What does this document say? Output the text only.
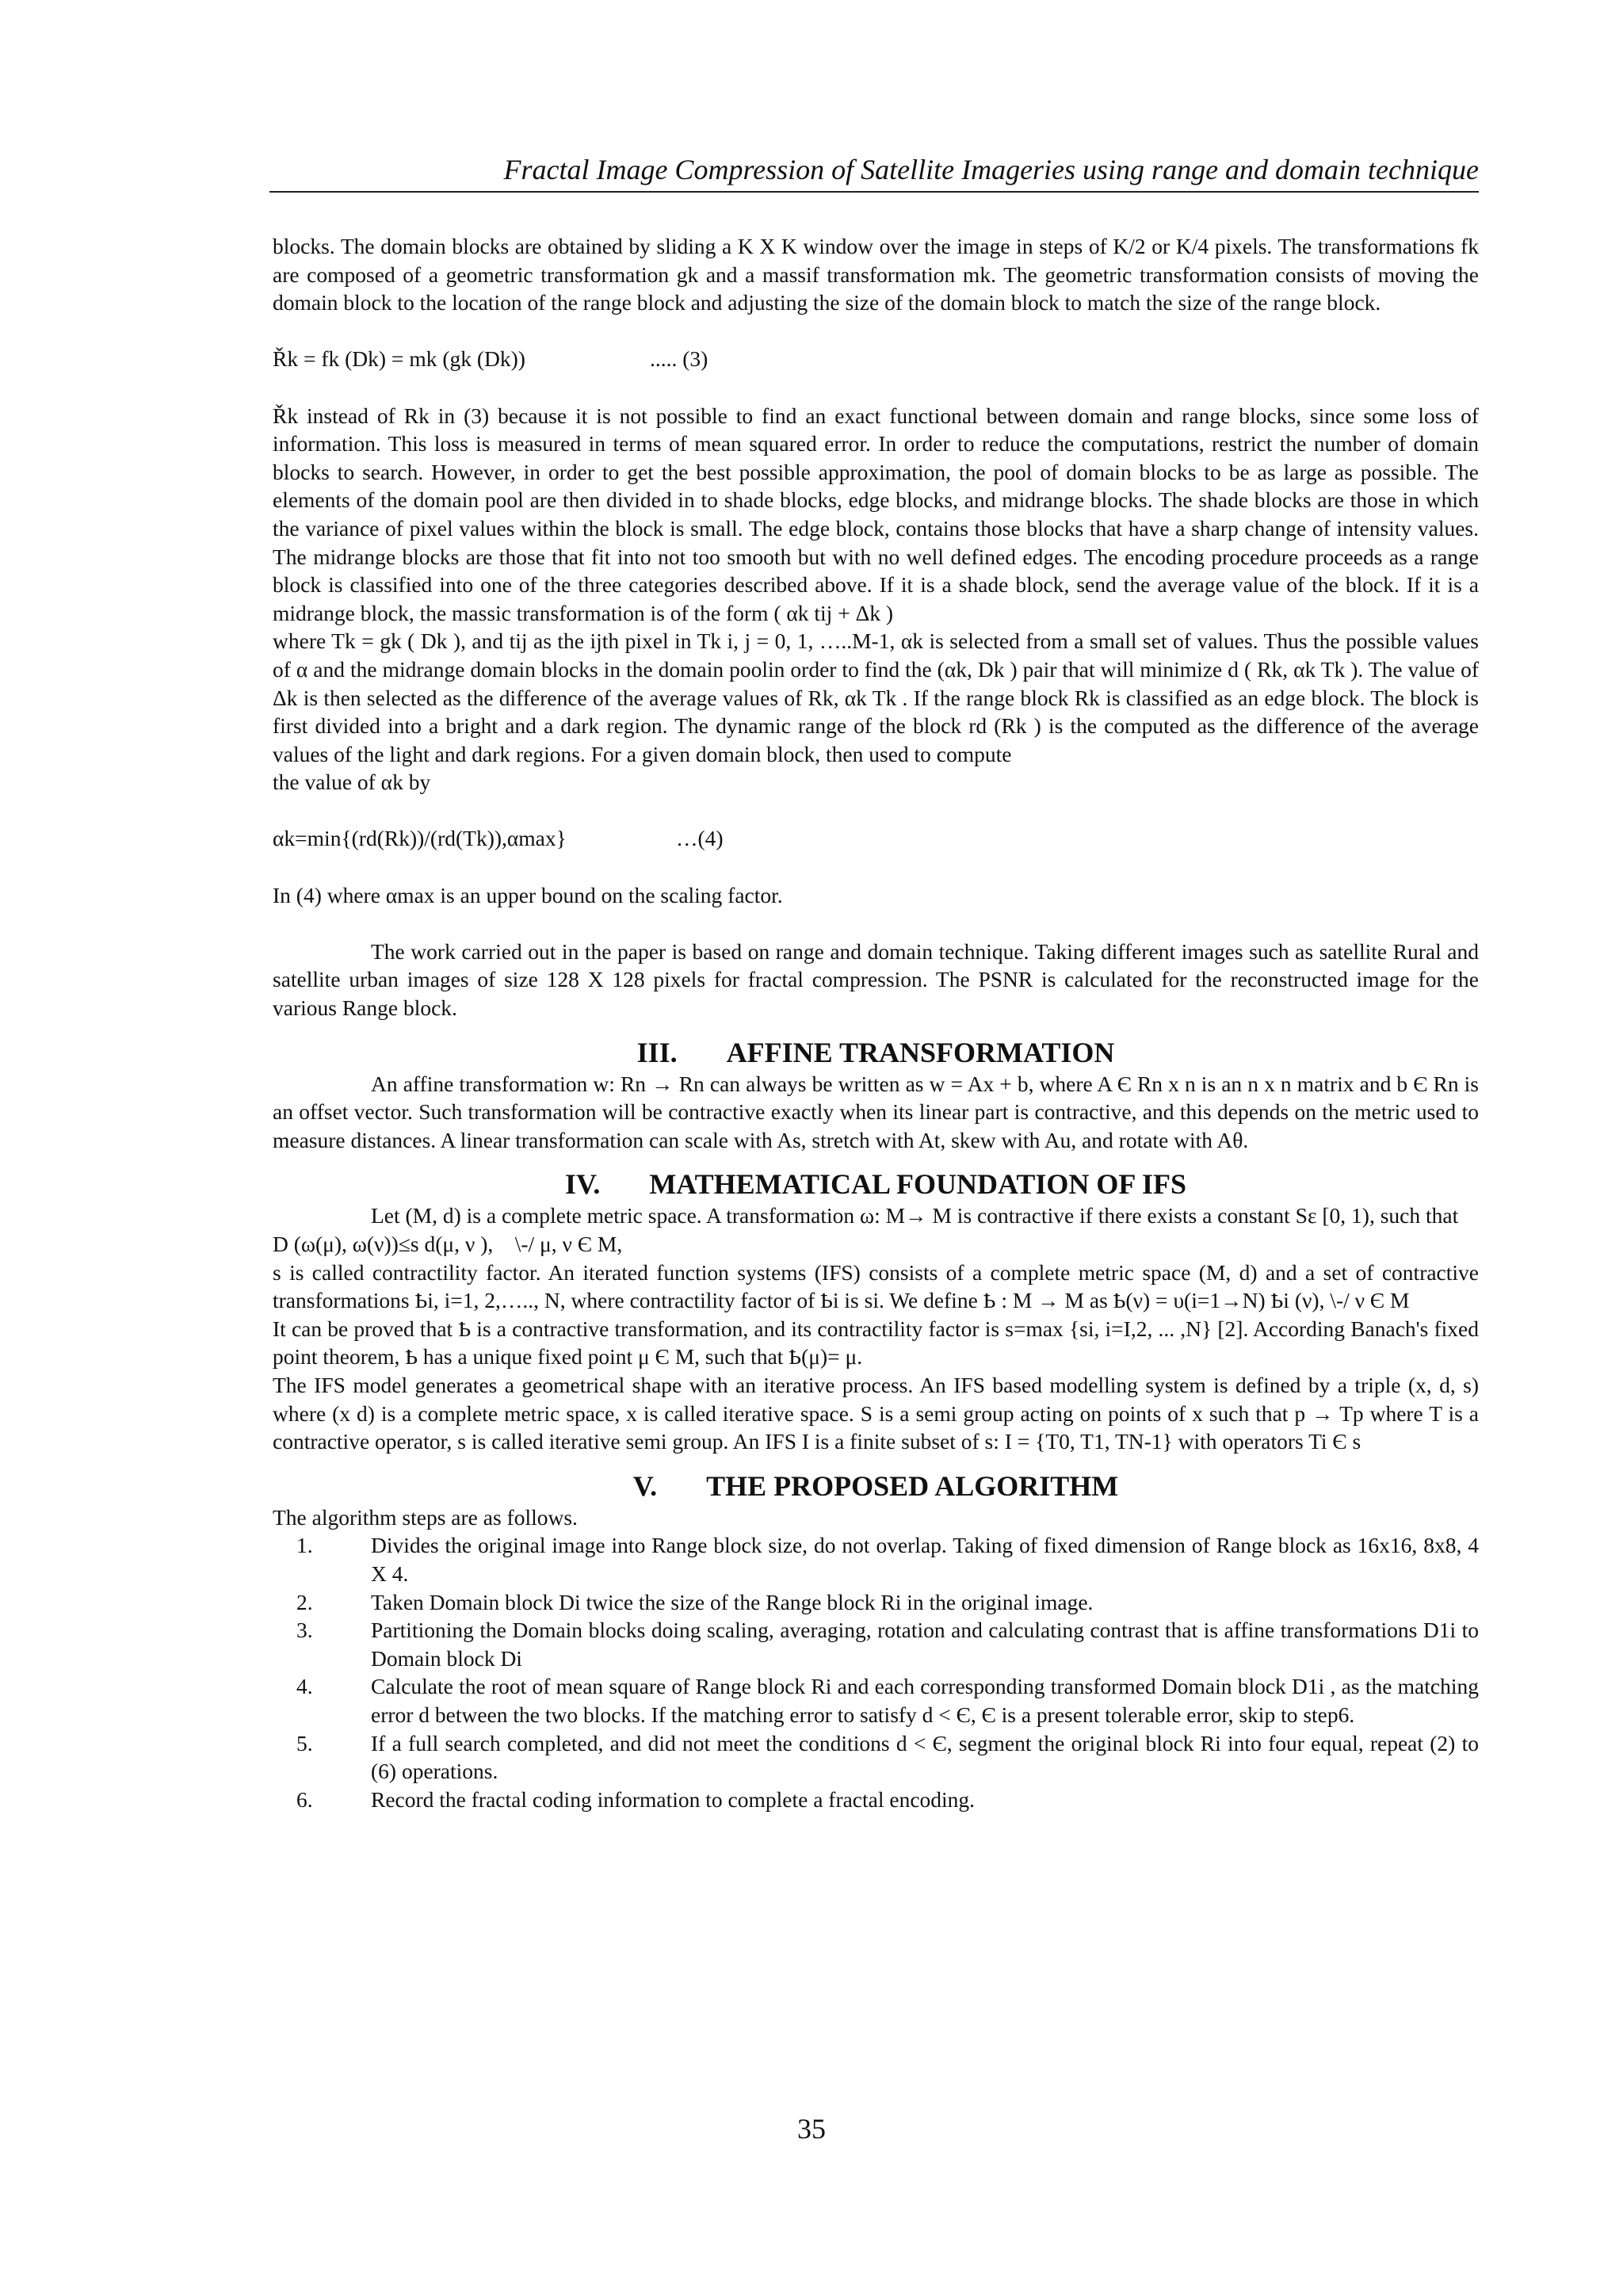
Fractal Image Compression of Satellite Imageries using range and domain technique

blocks. The domain blocks are obtained by sliding a K X K window over the image in steps of K/2 or K/4 pixels. The transformations fk are composed of a geometric transformation gk and a massif transformation mk. The geometric transformation consists of moving the domain block to the location of the range block and adjusting the size of the domain block to match the size of the range block.

Řk = fk (Dk) = mk (gk (Dk))	..... (3)

Řk instead of Rk in (3) because it is not possible to find an exact functional between domain and range blocks, since some loss of information. This loss is measured in terms of mean squared error. In order to reduce the computations, restrict the number of domain blocks to search. However, in order to get the best possible approximation, the pool of domain blocks to be as large as possible. The elements of the domain pool are then divided in to shade blocks, edge blocks, and midrange blocks. The shade blocks are those in which the variance of pixel values within the block is small. The edge block, contains those blocks that have a sharp change of intensity values. The midrange blocks are those that fit into not too smooth but with no well defined edges. The encoding procedure proceeds as a range block is classified into one of the three categories described above. If it is a shade block, send the average value of the block. If it is a midrange block, the massic transformation is of the form ( αk tij + Δk )

where Tk = gk ( Dk ), and tij as the ijth pixel in Tk i, j = 0, 1, …..M-1, αk is selected from a small set of values. Thus the possible values of α and the midrange domain blocks in the domain poolin order to find the (αk, Dk ) pair that will minimize d ( Rk, αk Tk ). The value of Δk is then selected as the difference of the average values of Rk, αk Tk . If the range block Rk is classified as an edge block. The block is first divided into a bright and a dark region. The dynamic range of the block rd (Rk ) is the computed as the difference of the average values of the light and dark regions. For a given domain block, then used to compute

the value of αk by

αk=min{(rd(Rk))/(rd(Tk)),αmax}	…(4)

In (4) where αmax is an upper bound on the scaling factor.

The work carried out in the paper is based on range and domain technique. Taking different images such as satellite Rural and satellite urban images of size 128 X 128 pixels for fractal compression. The PSNR is calculated for the reconstructed image for the various Range block.

III. AFFINE TRANSFORMATION

An affine transformation w: Rn → Rn can always be written as w = Ax + b, where A Є Rn x n is an n x n matrix and b Є Rn is an offset vector. Such transformation will be contractive exactly when its linear part is contractive, and this depends on the metric used to measure distances. A linear transformation can scale with As, stretch with At, skew with Au, and rotate with Aθ.

IV. MATHEMATICAL FOUNDATION OF IFS

Let (M, d) is a complete metric space. A transformation ω: M→ M is contractive if there exists a constant Sε [0, 1), such that

D (ω(μ), ω(ν))≤s d(μ, ν ),    \-/ μ, ν Є M,

s is called contractility factor. An iterated function systems (IFS) consists of a complete metric space (M, d) and a set of contractive transformations Ҍi, i=1, 2,….., N, where contractility factor of Ҍi is si. We define Ҍ : M → M as Ҍ(ν) = υ(i=1→N) Ҍi (ν), \-/ ν Є M

It can be proved that Ҍ is a contractive transformation, and its contractility factor is s=max {si, i=I,2, ... ,N} [2]. According Banach's fixed point theorem, Ҍ has a unique fixed point μ Є M, such that Ҍ(μ)= μ.

The IFS model generates a geometrical shape with an iterative process. An IFS based modelling system is defined by a triple (x, d, s) where (x d) is a complete metric space, x is called iterative space. S is a semi group acting on points of x such that p → Tp where T is a contractive operator, s is called iterative semi group. An IFS I is a finite subset of s: I = {T0, T1, TN-1} with operators Ti Є s

V. THE PROPOSED ALGORITHM

The algorithm steps are as follows.

1.	Divides the original image into Range block size, do not overlap. Taking of fixed dimension of Range block as 16x16, 8x8, 4 X 4.
2.	Taken Domain block Di twice the size of the Range block Ri in the original image.
3.	Partitioning the Domain blocks doing scaling, averaging, rotation and calculating contrast that is affine transformations D1i to Domain block Di
4.	Calculate the root of mean square of Range block Ri and each corresponding transformed Domain block D1i , as the matching error d between the two blocks. If the matching error to satisfy d < Є, Є is a present tolerable error, skip to step6.
5.	If a full search completed, and did not meet the conditions d < Є, segment the original block Ri into four equal, repeat (2) to (6) operations.
6.	Record the fractal coding information to complete a fractal encoding.
35
